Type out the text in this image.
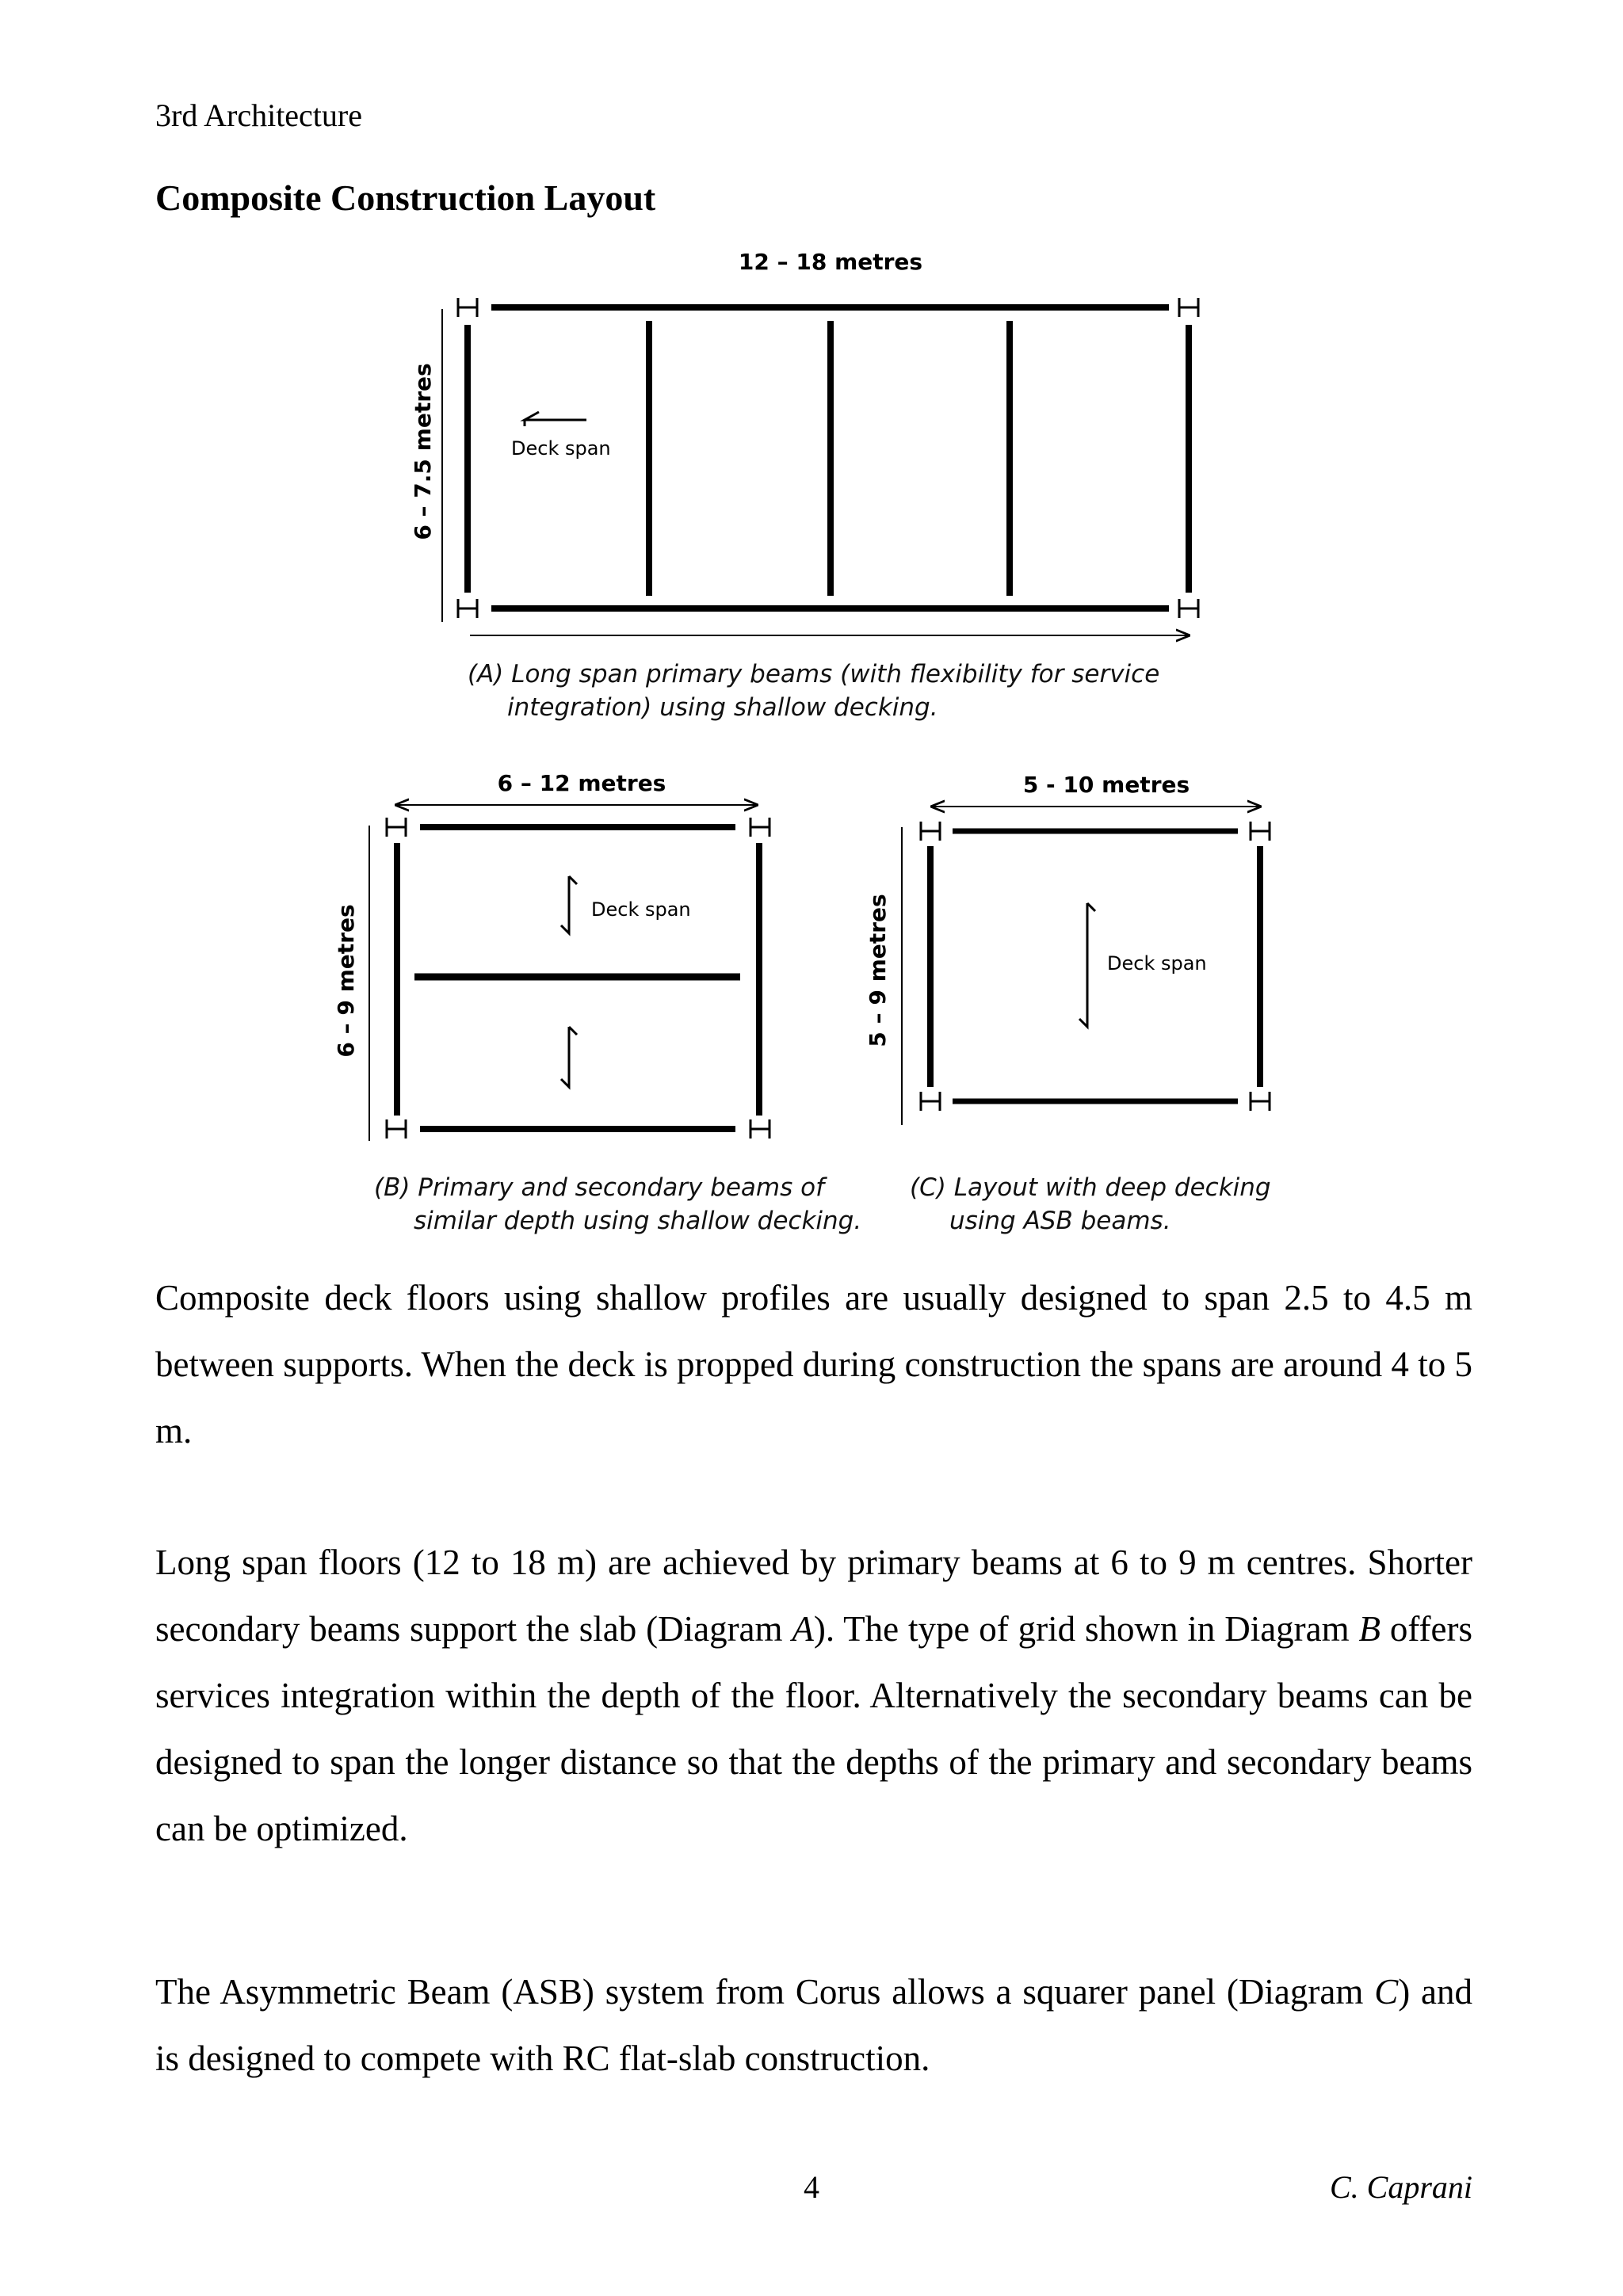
3rd Architecture
Composite Construction Layout
12 – 18 metres
6 – 7.5 metres	Deck span
6 – 12 metres
6 – 9 metres	Deck span
5 - 10 metres
5 – 9 metres	Deck span
(A) Long span primary beams (with flexibility for service
integration) using shallow decking.
(B) Primary and secondary beams of
similar depth using shallow decking.
(C) Layout with deep decking
using ASB beams.

Composite deck floors using shallow profiles are usually designed to span 2.5 to 4.5 m between supports. When the deck is propped during construction the spans are around 4 to 5 m.

Long span floors (12 to 18 m) are achieved by primary beams at 6 to 9 m centres. Shorter secondary beams support the slab (Diagram A). The type of grid shown in Diagram B offers services integration within the depth of the floor. Alternatively the secondary beams can be designed to span the longer distance so that the depths of the primary and secondary beams can be optimized.

The Asymmetric Beam (ASB) system from Corus allows a squarer panel (Diagram C) and is designed to compete with RC flat-slab construction.

4	C. Caprani
